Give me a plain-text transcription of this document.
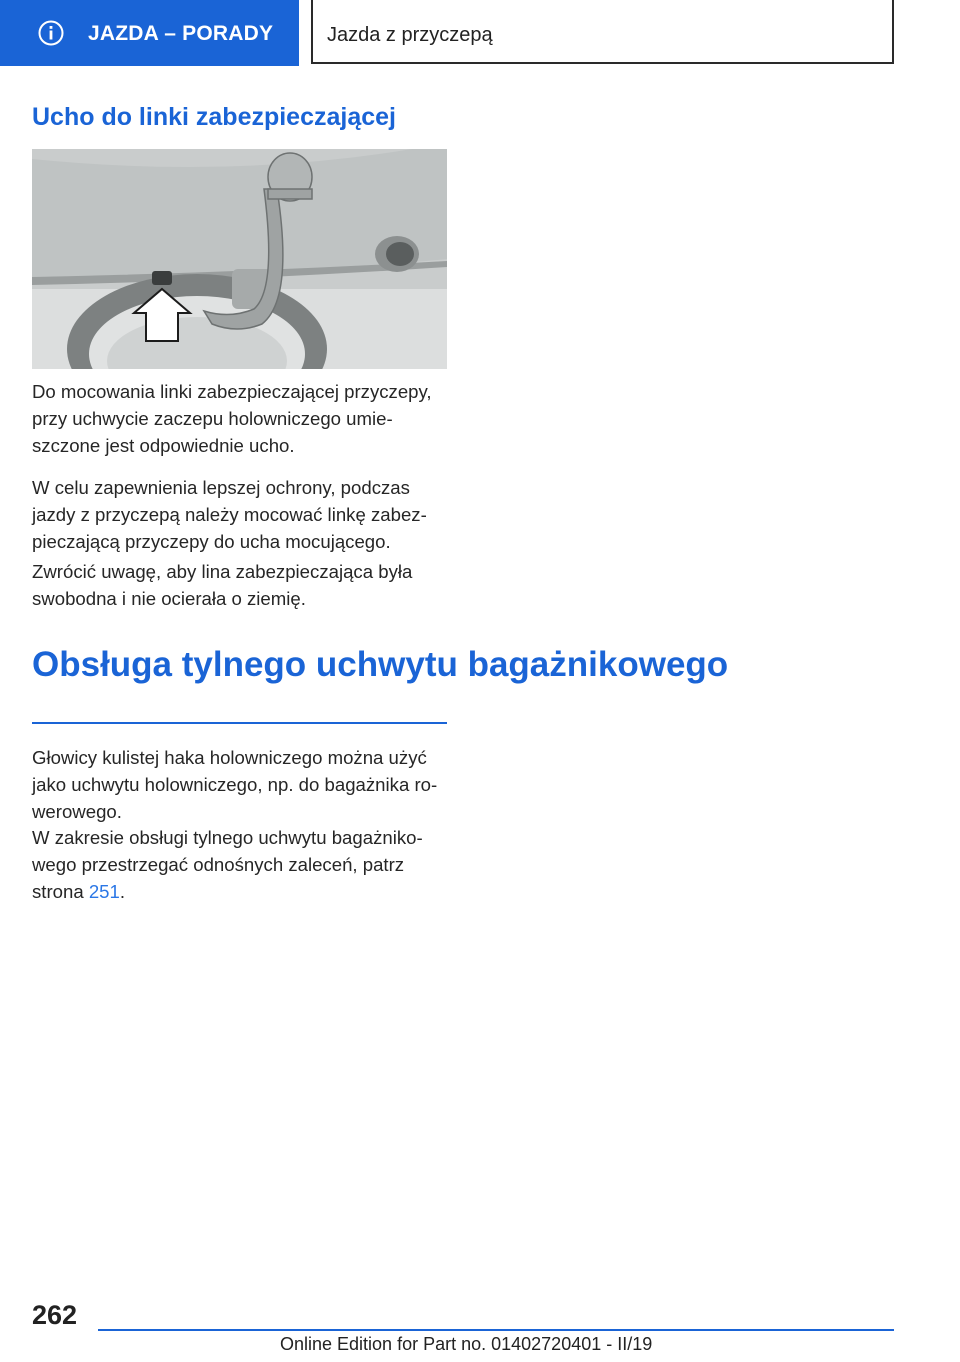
JAZDA – PORADY	Jazda z przyczepą
Ucho do linki zabezpieczającej

Do mocowania linki zabezpieczającej przyczepy, przy uchwycie zaczepu holowniczego umieszczone jest odpowiednie ucho.

W celu zapewnienia lepszej ochrony, podczas jazdy z przyczepą należy mocować linkę zabezpieczającą przyczepy do ucha mocującego.

Zwrócić uwagę, aby lina zabezpieczająca była swobodna i nie ocierała o ziemię.

Obsługa tylnego uchwytu bagażnikowego

Głowicy kulistej haka holowniczego można użyć jako uchwytu holowniczego, np. do bagażnika rowerowego.

W zakresie obsługi tylnego uchwytu bagażnikowego przestrzegać odnośnych zaleceń, patrz strona 251.

262
Online Edition for Part no. 01402720401 - II/19
